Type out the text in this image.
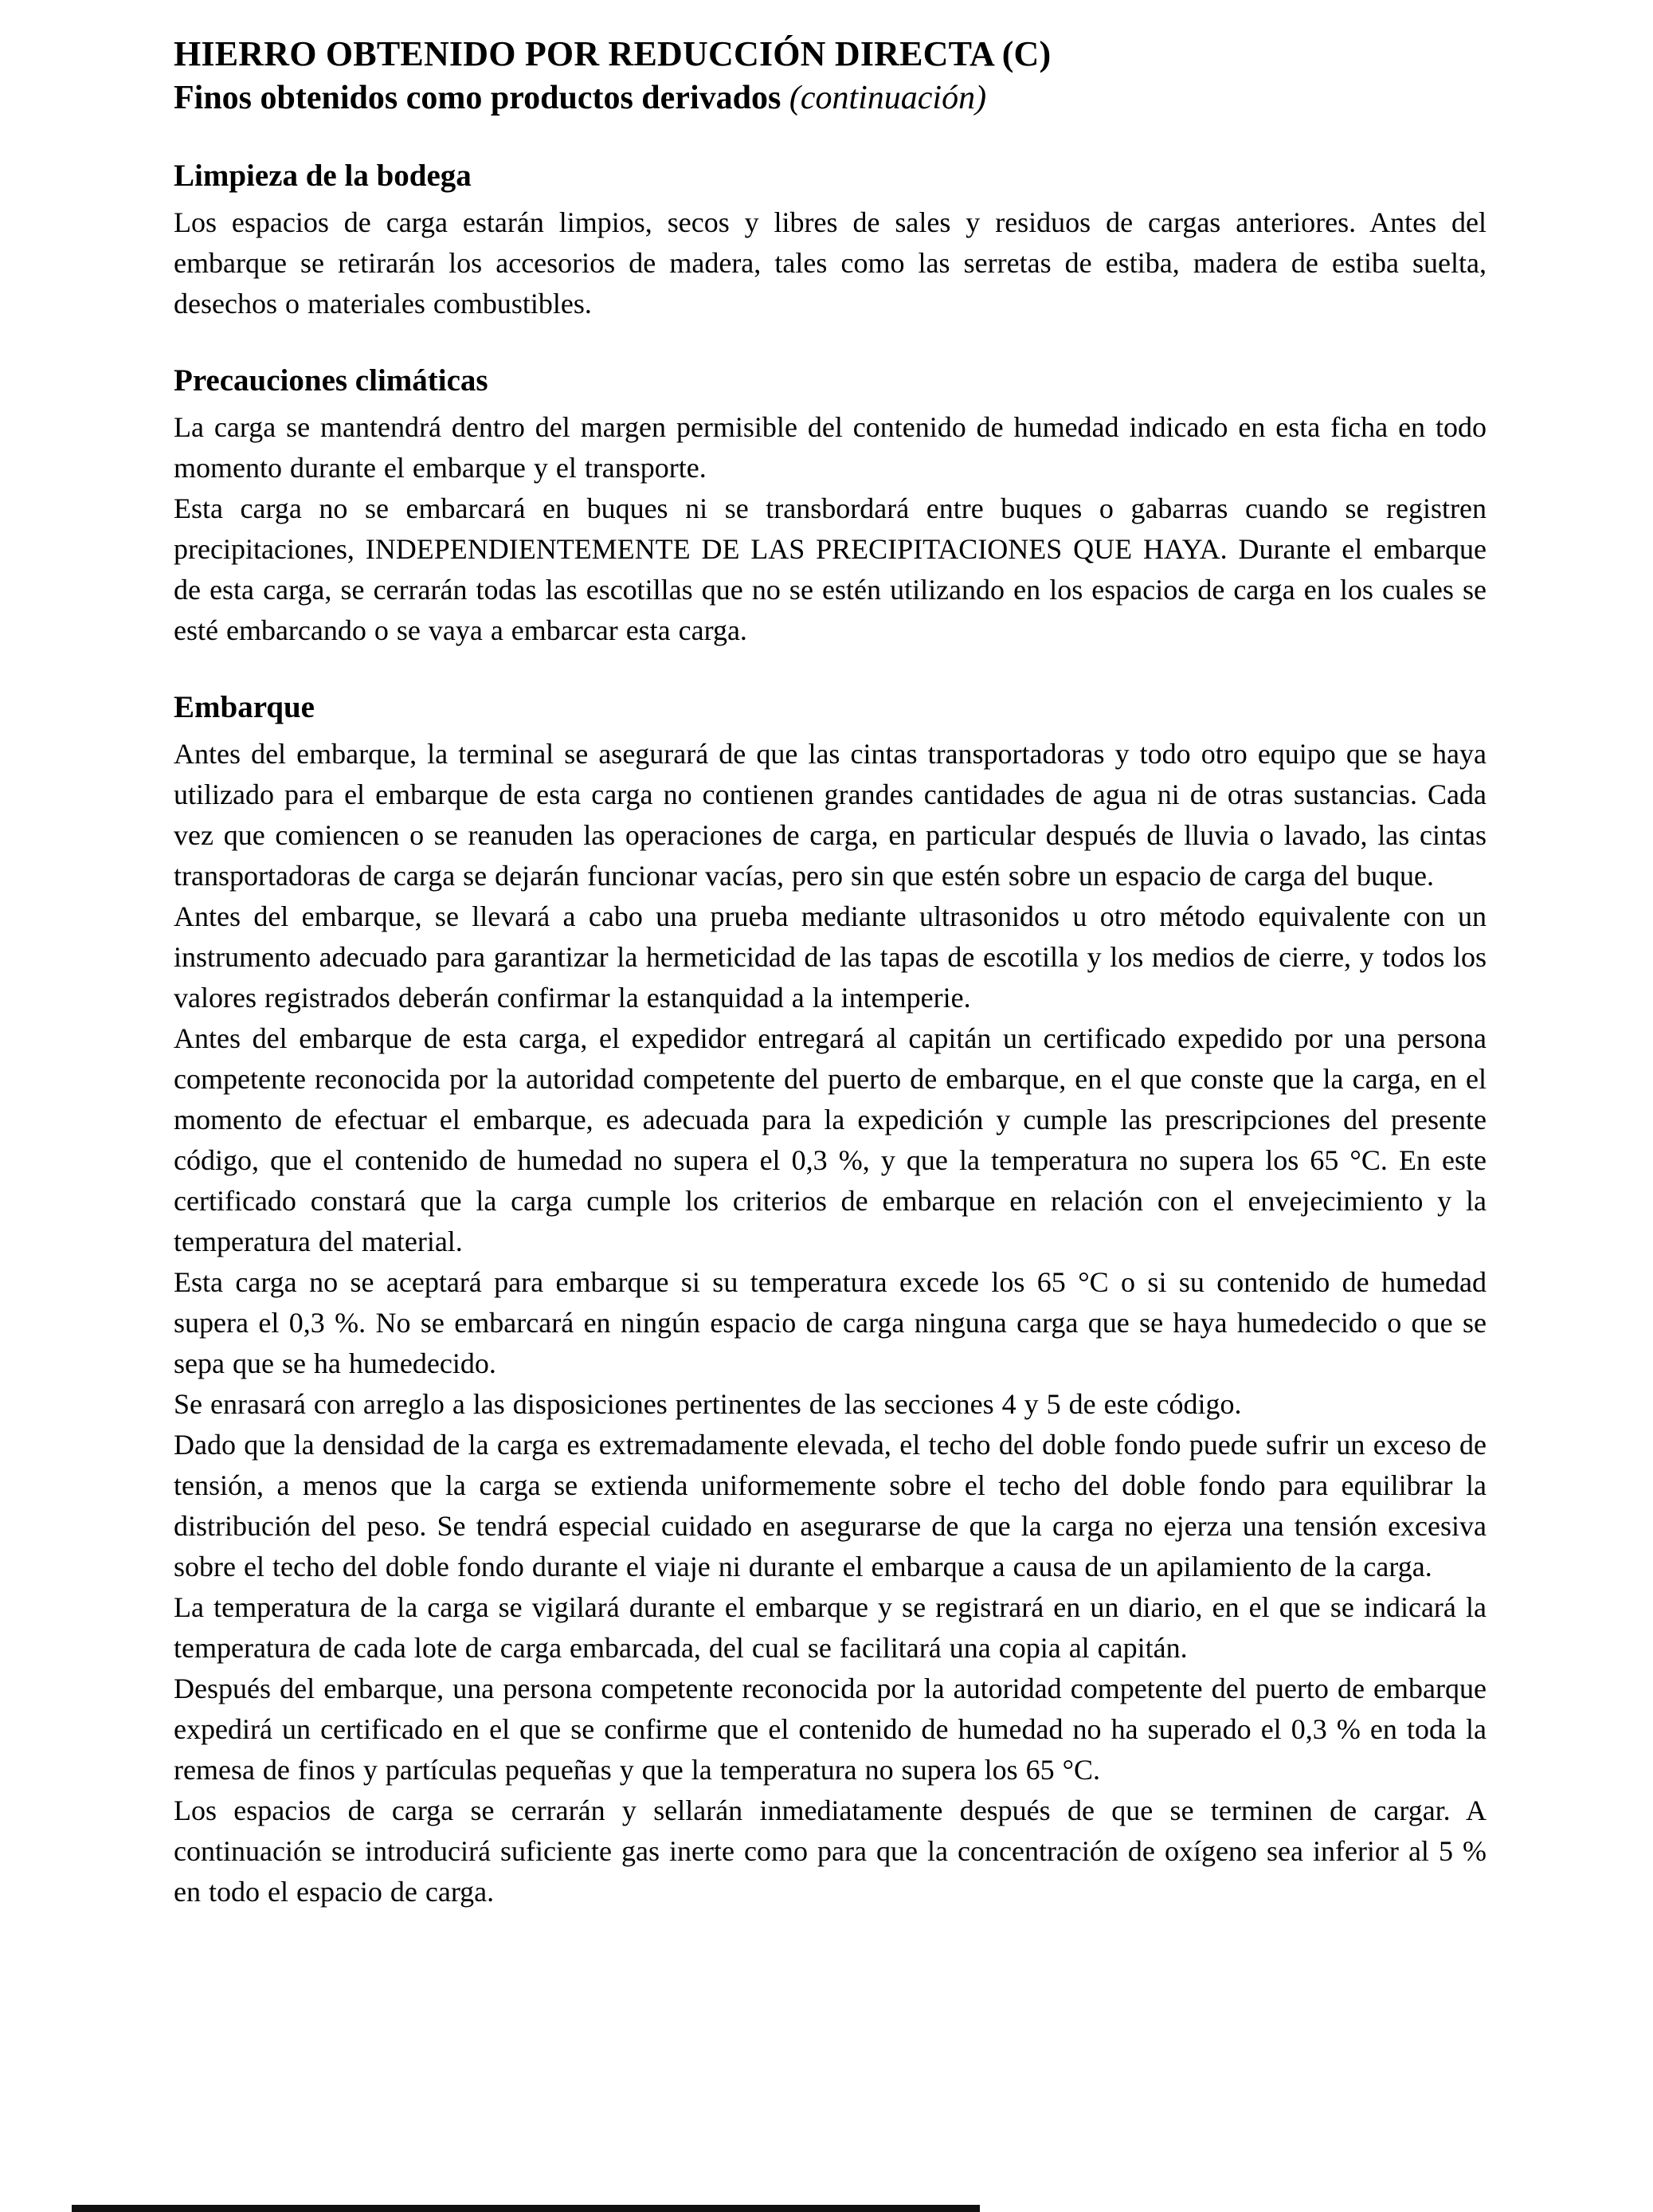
HIERRO OBTENIDO POR REDUCCIÓN DIRECTA (C)
Finos obtenidos como productos derivados (continuación)
Limpieza de la bodega

Los espacios de carga estarán limpios, secos y libres de sales y residuos de cargas anteriores. Antes del embarque se retirarán los accesorios de madera, tales como las serretas de estiba, madera de estiba suelta, desechos o materiales combustibles.

Precauciones climáticas

La carga se mantendrá dentro del margen permisible del contenido de humedad indicado en esta ficha en todo momento durante el embarque y el transporte.

Esta carga no se embarcará en buques ni se transbordará entre buques o gabarras cuando se registren precipitaciones, INDEPENDIENTEMENTE DE LAS PRECIPITACIONES QUE HAYA. Durante el embarque de esta carga, se cerrarán todas las escotillas que no se estén utilizando en los espacios de carga en los cuales se esté embarcando o se vaya a embarcar esta carga.

Embarque

Antes del embarque, la terminal se asegurará de que las cintas transportadoras y todo otro equipo que se haya utilizado para el embarque de esta carga no contienen grandes cantidades de agua ni de otras sustancias. Cada vez que comiencen o se reanuden las operaciones de carga, en particular después de lluvia o lavado, las cintas transportadoras de carga se dejarán funcionar vacías, pero sin que estén sobre un espacio de carga del buque.

Antes del embarque, se llevará a cabo una prueba mediante ultrasonidos u otro método equivalente con un instrumento adecuado para garantizar la hermeticidad de las tapas de escotilla y los medios de cierre, y todos los valores registrados deberán confirmar la estanquidad a la intemperie.

Antes del embarque de esta carga, el expedidor entregará al capitán un certificado expedido por una persona competente reconocida por la autoridad competente del puerto de embarque, en el que conste que la carga, en el momento de efectuar el embarque, es adecuada para la expedición y cumple las prescripciones del presente código, que el contenido de humedad no supera el 0,3 %, y que la temperatura no supera los 65 °C. En este certificado constará que la carga cumple los criterios de embarque en relación con el envejecimiento y la temperatura del material.

Esta carga no se aceptará para embarque si su temperatura excede los 65 °C o si su contenido de humedad supera el 0,3 %. No se embarcará en ningún espacio de carga ninguna carga que se haya humedecido o que se sepa que se ha humedecido.

Se enrasará con arreglo a las disposiciones pertinentes de las secciones 4 y 5 de este código.

Dado que la densidad de la carga es extremadamente elevada, el techo del doble fondo puede sufrir un exceso de tensión, a menos que la carga se extienda uniformemente sobre el techo del doble fondo para equilibrar la distribución del peso. Se tendrá especial cuidado en asegurarse de que la carga no ejerza una tensión excesiva sobre el techo del doble fondo durante el viaje ni durante el embarque a causa de un apilamiento de la carga.

La temperatura de la carga se vigilará durante el embarque y se registrará en un diario, en el que se indicará la temperatura de cada lote de carga embarcada, del cual se facilitará una copia al capitán.

Después del embarque, una persona competente reconocida por la autoridad competente del puerto de embarque expedirá un certificado en el que se confirme que el contenido de humedad no ha superado el 0,3 % en toda la remesa de finos y partículas pequeñas y que la temperatura no supera los 65 °C.

Los espacios de carga se cerrarán y sellarán inmediatamente después de que se terminen de cargar. A continuación se introducirá suficiente gas inerte como para que la concentración de oxígeno sea inferior al 5 % en todo el espacio de carga.
